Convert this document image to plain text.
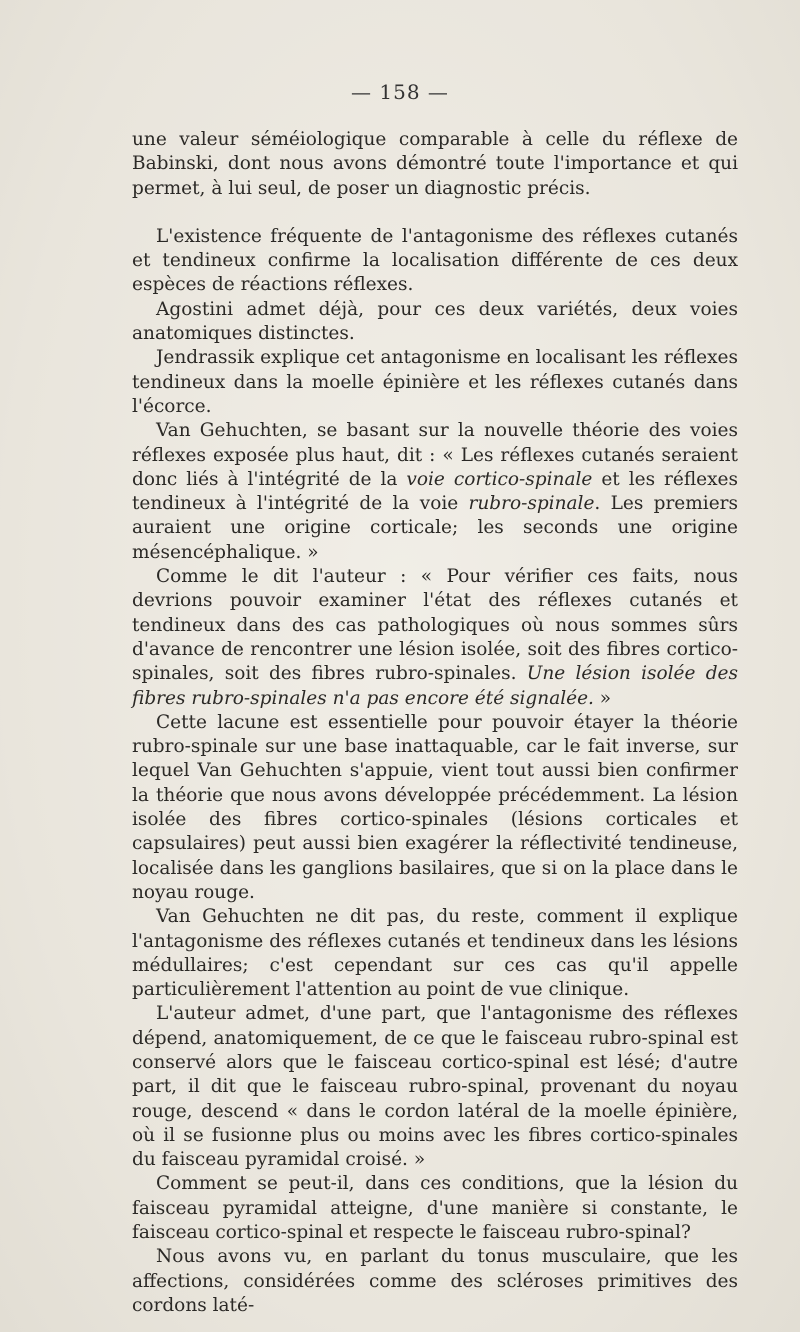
— 158 —

une valeur séméiologique comparable à celle du réflexe de Babinski, dont nous avons démontré toute l'importance et qui permet, à lui seul, de poser un diagnostic précis.

L'existence fréquente de l'antagonisme des réflexes cutanés et tendineux confirme la localisation différente de ces deux espèces de réactions réflexes.

Agostini admet déjà, pour ces deux variétés, deux voies anatomiques distinctes.

Jendrassik explique cet antagonisme en localisant les réflexes tendineux dans la moelle épinière et les réflexes cutanés dans l'écorce.

Van Gehuchten, se basant sur la nouvelle théorie des voies réflexes exposée plus haut, dit : « Les réflexes cutanés seraient donc liés à l'intégrité de la voie cortico-spinale et les réflexes tendineux à l'intégrité de la voie rubro-spinale. Les premiers auraient une origine corticale; les seconds une origine mésencéphalique. »

Comme le dit l'auteur : « Pour vérifier ces faits, nous devrions pouvoir examiner l'état des réflexes cutanés et tendineux dans des cas pathologiques où nous sommes sûrs d'avance de rencontrer une lésion isolée, soit des fibres cortico-spinales, soit des fibres rubro-spinales. Une lésion isolée des fibres rubro-spinales n'a pas encore été signalée. »

Cette lacune est essentielle pour pouvoir étayer la théorie rubro-spinale sur une base inattaquable, car le fait inverse, sur lequel Van Gehuchten s'appuie, vient tout aussi bien confirmer la théorie que nous avons développée précédemment. La lésion isolée des fibres cortico-spinales (lésions corticales et capsulaires) peut aussi bien exagérer la réflectivité tendineuse, localisée dans les ganglions basilaires, que si on la place dans le noyau rouge.

Van Gehuchten ne dit pas, du reste, comment il explique l'antagonisme des réflexes cutanés et tendineux dans les lésions médullaires; c'est cependant sur ces cas qu'il appelle particulièrement l'attention au point de vue clinique.

L'auteur admet, d'une part, que l'antagonisme des réflexes dépend, anatomiquement, de ce que le faisceau rubro-spinal est conservé alors que le faisceau cortico-spinal est lésé; d'autre part, il dit que le faisceau rubro-spinal, provenant du noyau rouge, descend « dans le cordon latéral de la moelle épinière, où il se fusionne plus ou moins avec les fibres cortico-spinales du faisceau pyramidal croisé. »

Comment se peut-il, dans ces conditions, que la lésion du faisceau pyramidal atteigne, d'une manière si constante, le faisceau cortico-spinal et respecte le faisceau rubro-spinal?

Nous avons vu, en parlant du tonus musculaire, que les affections, considérées comme des scléroses primitives des cordons laté-
